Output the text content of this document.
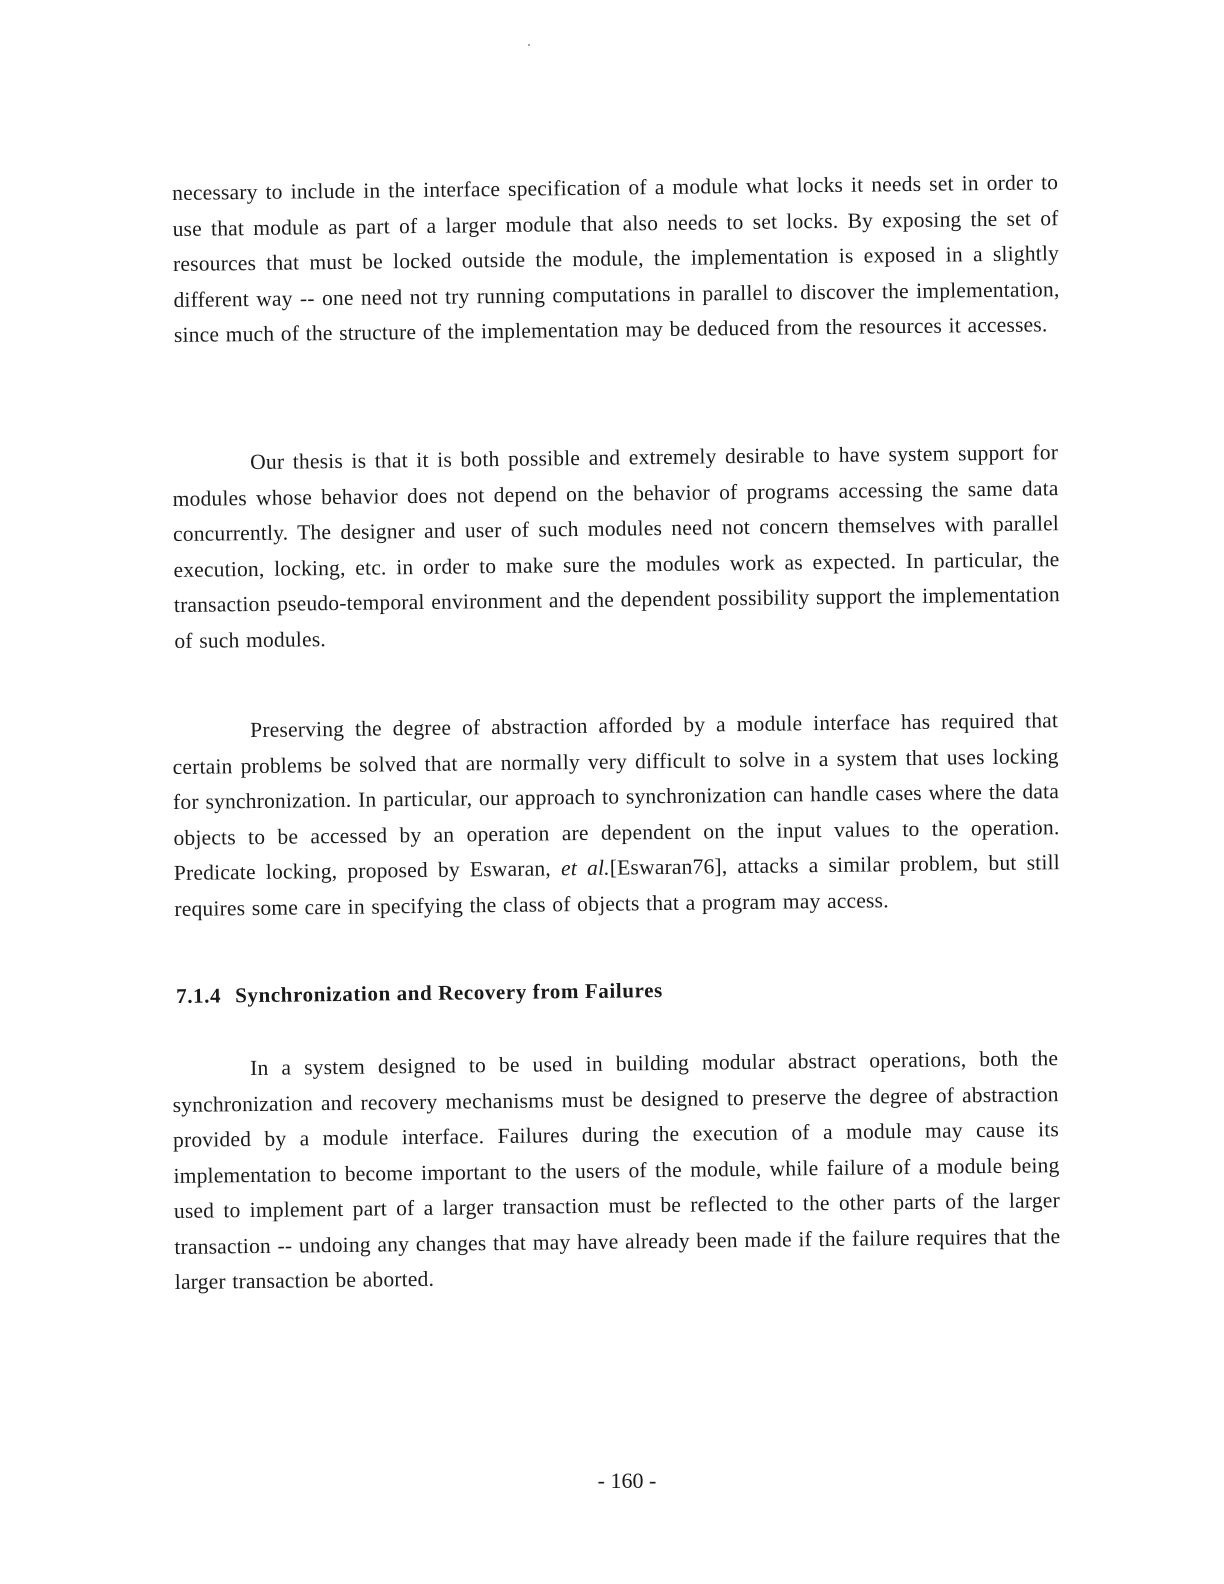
necessary to include in the interface specification of a module what locks it needs set in order to use that module as part of a larger module that also needs to set locks. By exposing the set of resources that must be locked outside the module, the implementation is exposed in a slightly different way -- one need not try running computations in parallel to discover the implementation, since much of the structure of the implementation may be deduced from the resources it accesses.

Our thesis is that it is both possible and extremely desirable to have system support for modules whose behavior does not depend on the behavior of programs accessing the same data concurrently. The designer and user of such modules need not concern themselves with parallel execution, locking, etc. in order to make sure the modules work as expected. In particular, the transaction pseudo-temporal environment and the dependent possibility support the implementation of such modules.

Preserving the degree of abstraction afforded by a module interface has required that certain problems be solved that are normally very difficult to solve in a system that uses locking for synchronization. In particular, our approach to synchronization can handle cases where the data objects to be accessed by an operation are dependent on the input values to the operation. Predicate locking, proposed by Eswaran, et al.[Eswaran76], attacks a similar problem, but still requires some care in specifying the class of objects that a program may access.

7.1.4 Synchronization and Recovery from Failures

In a system designed to be used in building modular abstract operations, both the synchronization and recovery mechanisms must be designed to preserve the degree of abstraction provided by a module interface. Failures during the execution of a module may cause its implementation to become important to the users of the module, while failure of a module being used to implement part of a larger transaction must be reflected to the other parts of the larger transaction -- undoing any changes that may have already been made if the failure requires that the larger transaction be aborted.

- 160 -
